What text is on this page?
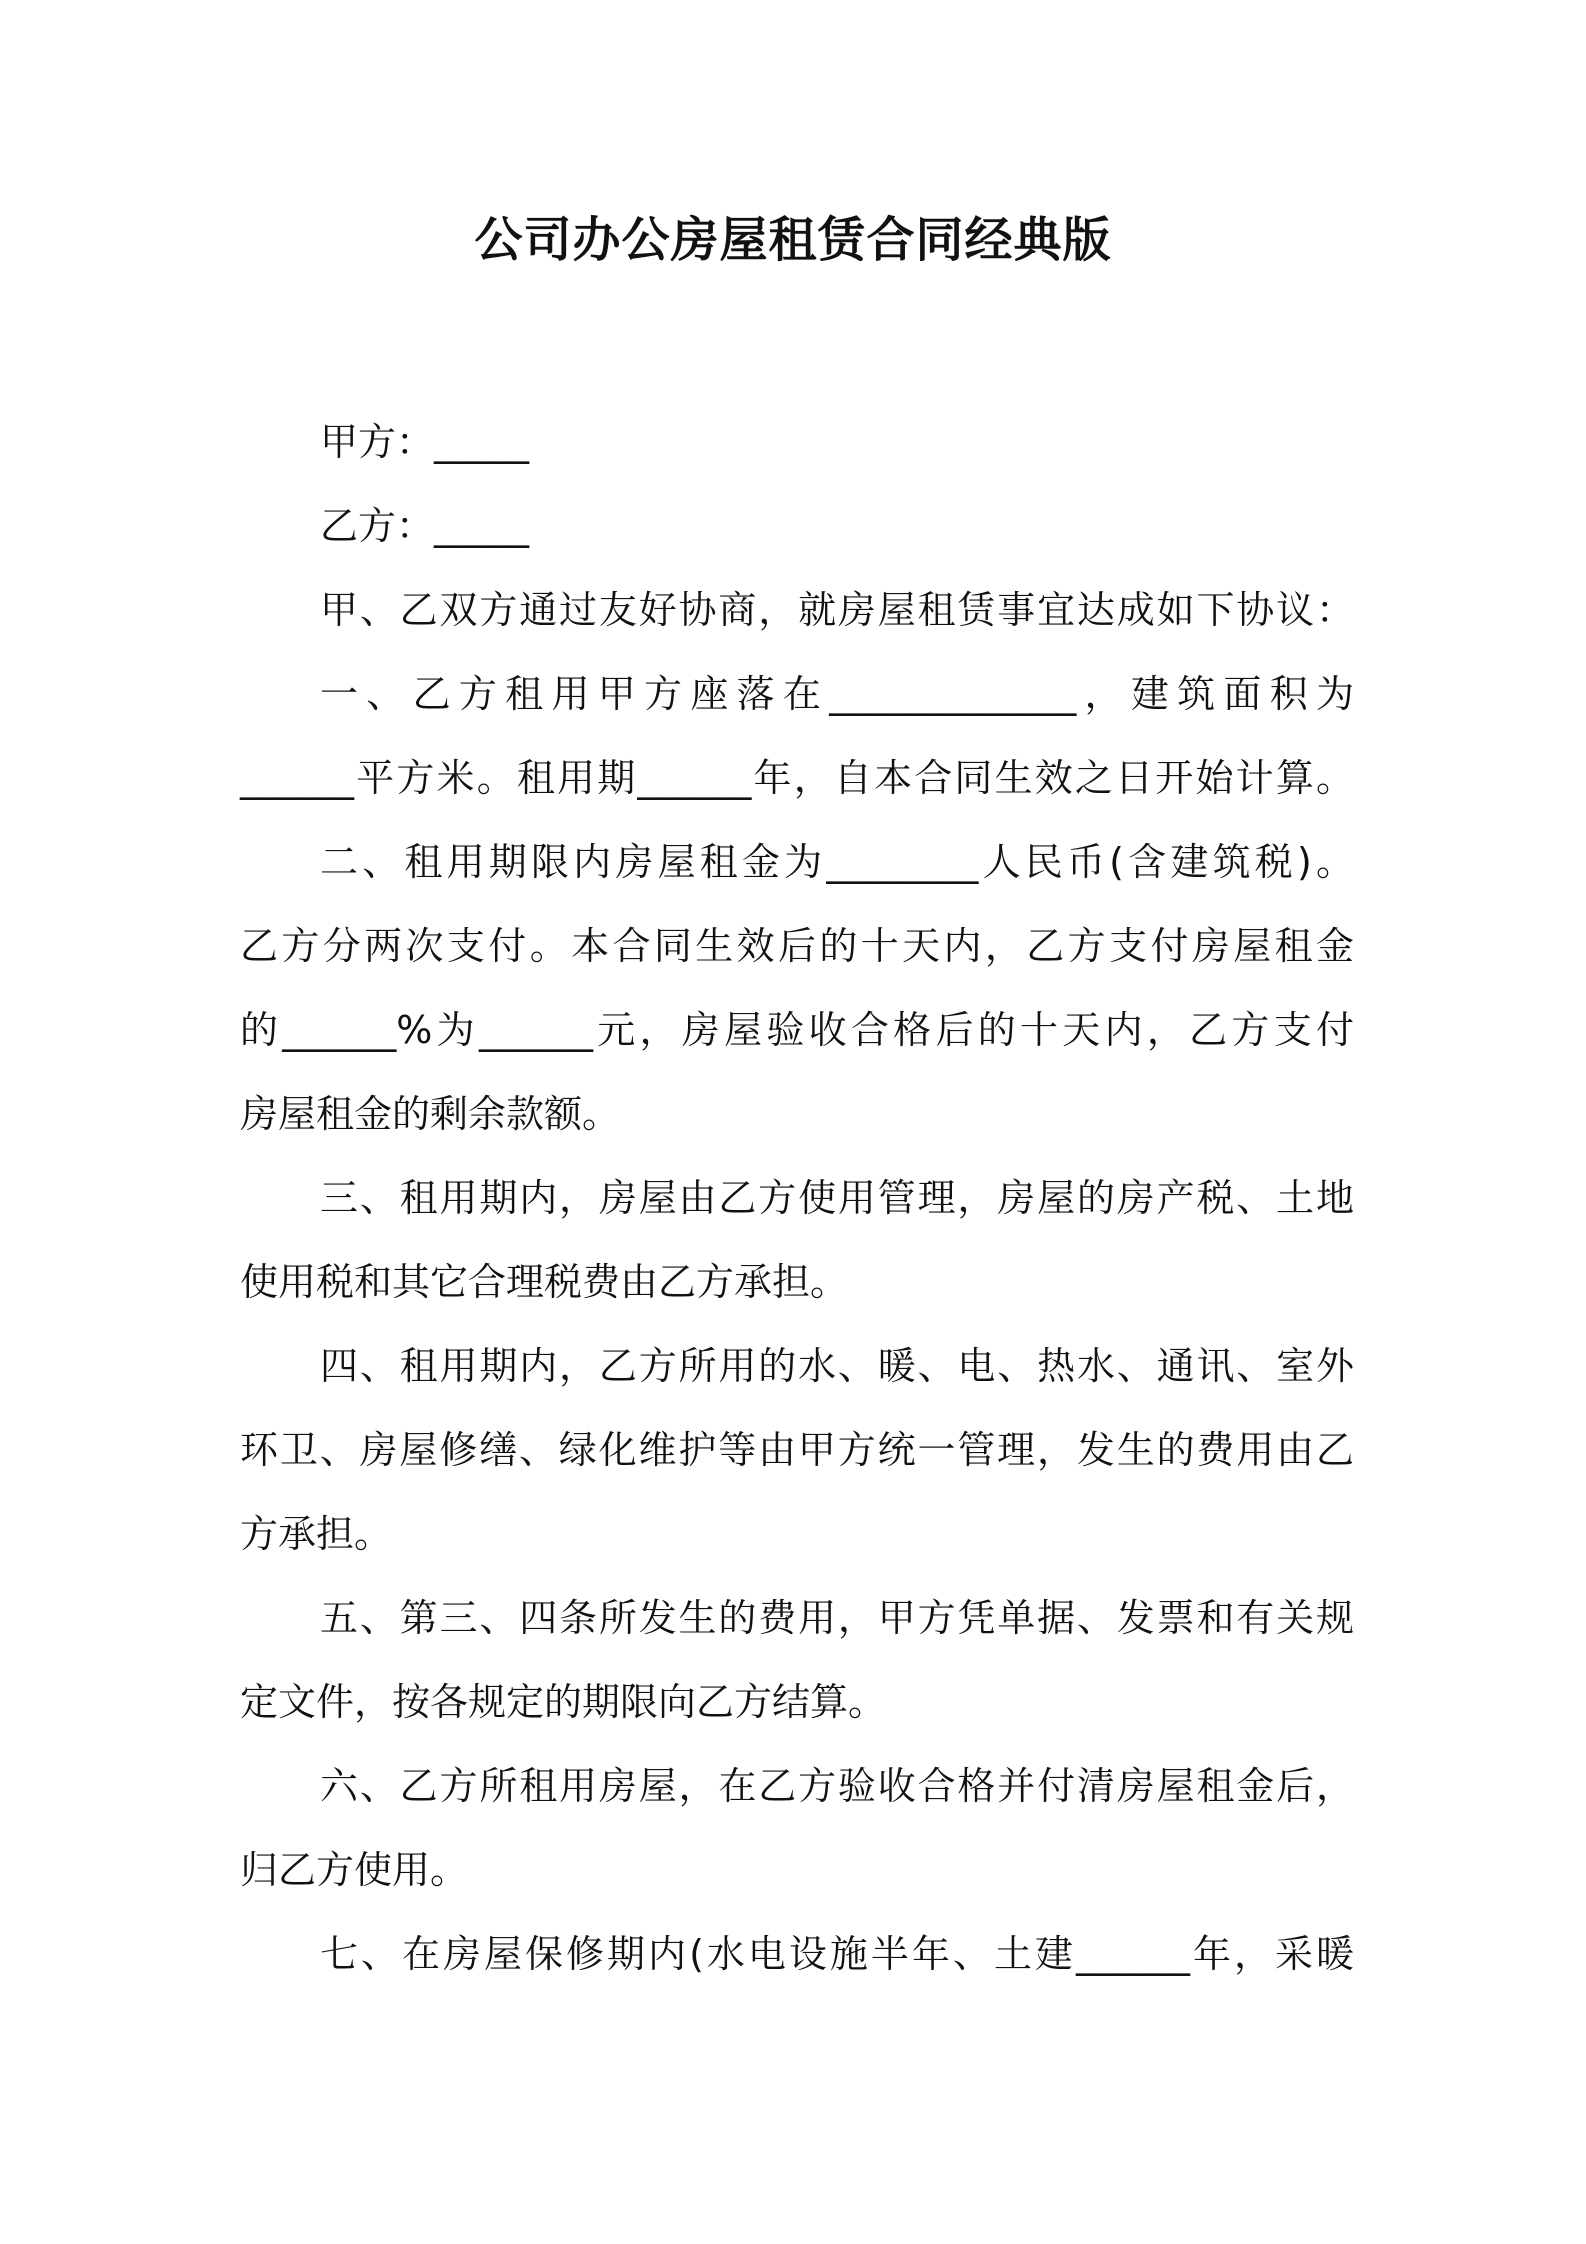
公司办公房屋租赁合同经典版
甲方：_____
乙方：_____
甲、乙双方通过友好协商，就房屋租赁事宜达成如下协议：
一、乙方租用甲方座落在_____________，建筑面积为
______平方米。租用期______年，自本合同生效之日开始计算。
二、租用期限内房屋租金为________人民币(含建筑税)。
乙方分两次支付。本合同生效后的十天内，乙方支付房屋租金
的______%为______元，房屋验收合格后的十天内，乙方支付
房屋租金的剩余款额。
三、租用期内，房屋由乙方使用管理，房屋的房产税、土地
使用税和其它合理税费由乙方承担。
四、租用期内，乙方所用的水、暖、电、热水、通讯、室外
环卫、房屋修缮、绿化维护等由甲方统一管理，发生的费用由乙
方承担。
五、第三、四条所发生的费用，甲方凭单据、发票和有关规
定文件，按各规定的期限向乙方结算。
六、乙方所租用房屋，在乙方验收合格并付清房屋租金后，
归乙方使用。
七、在房屋保修期内(水电设施半年、土建______年，采暖
